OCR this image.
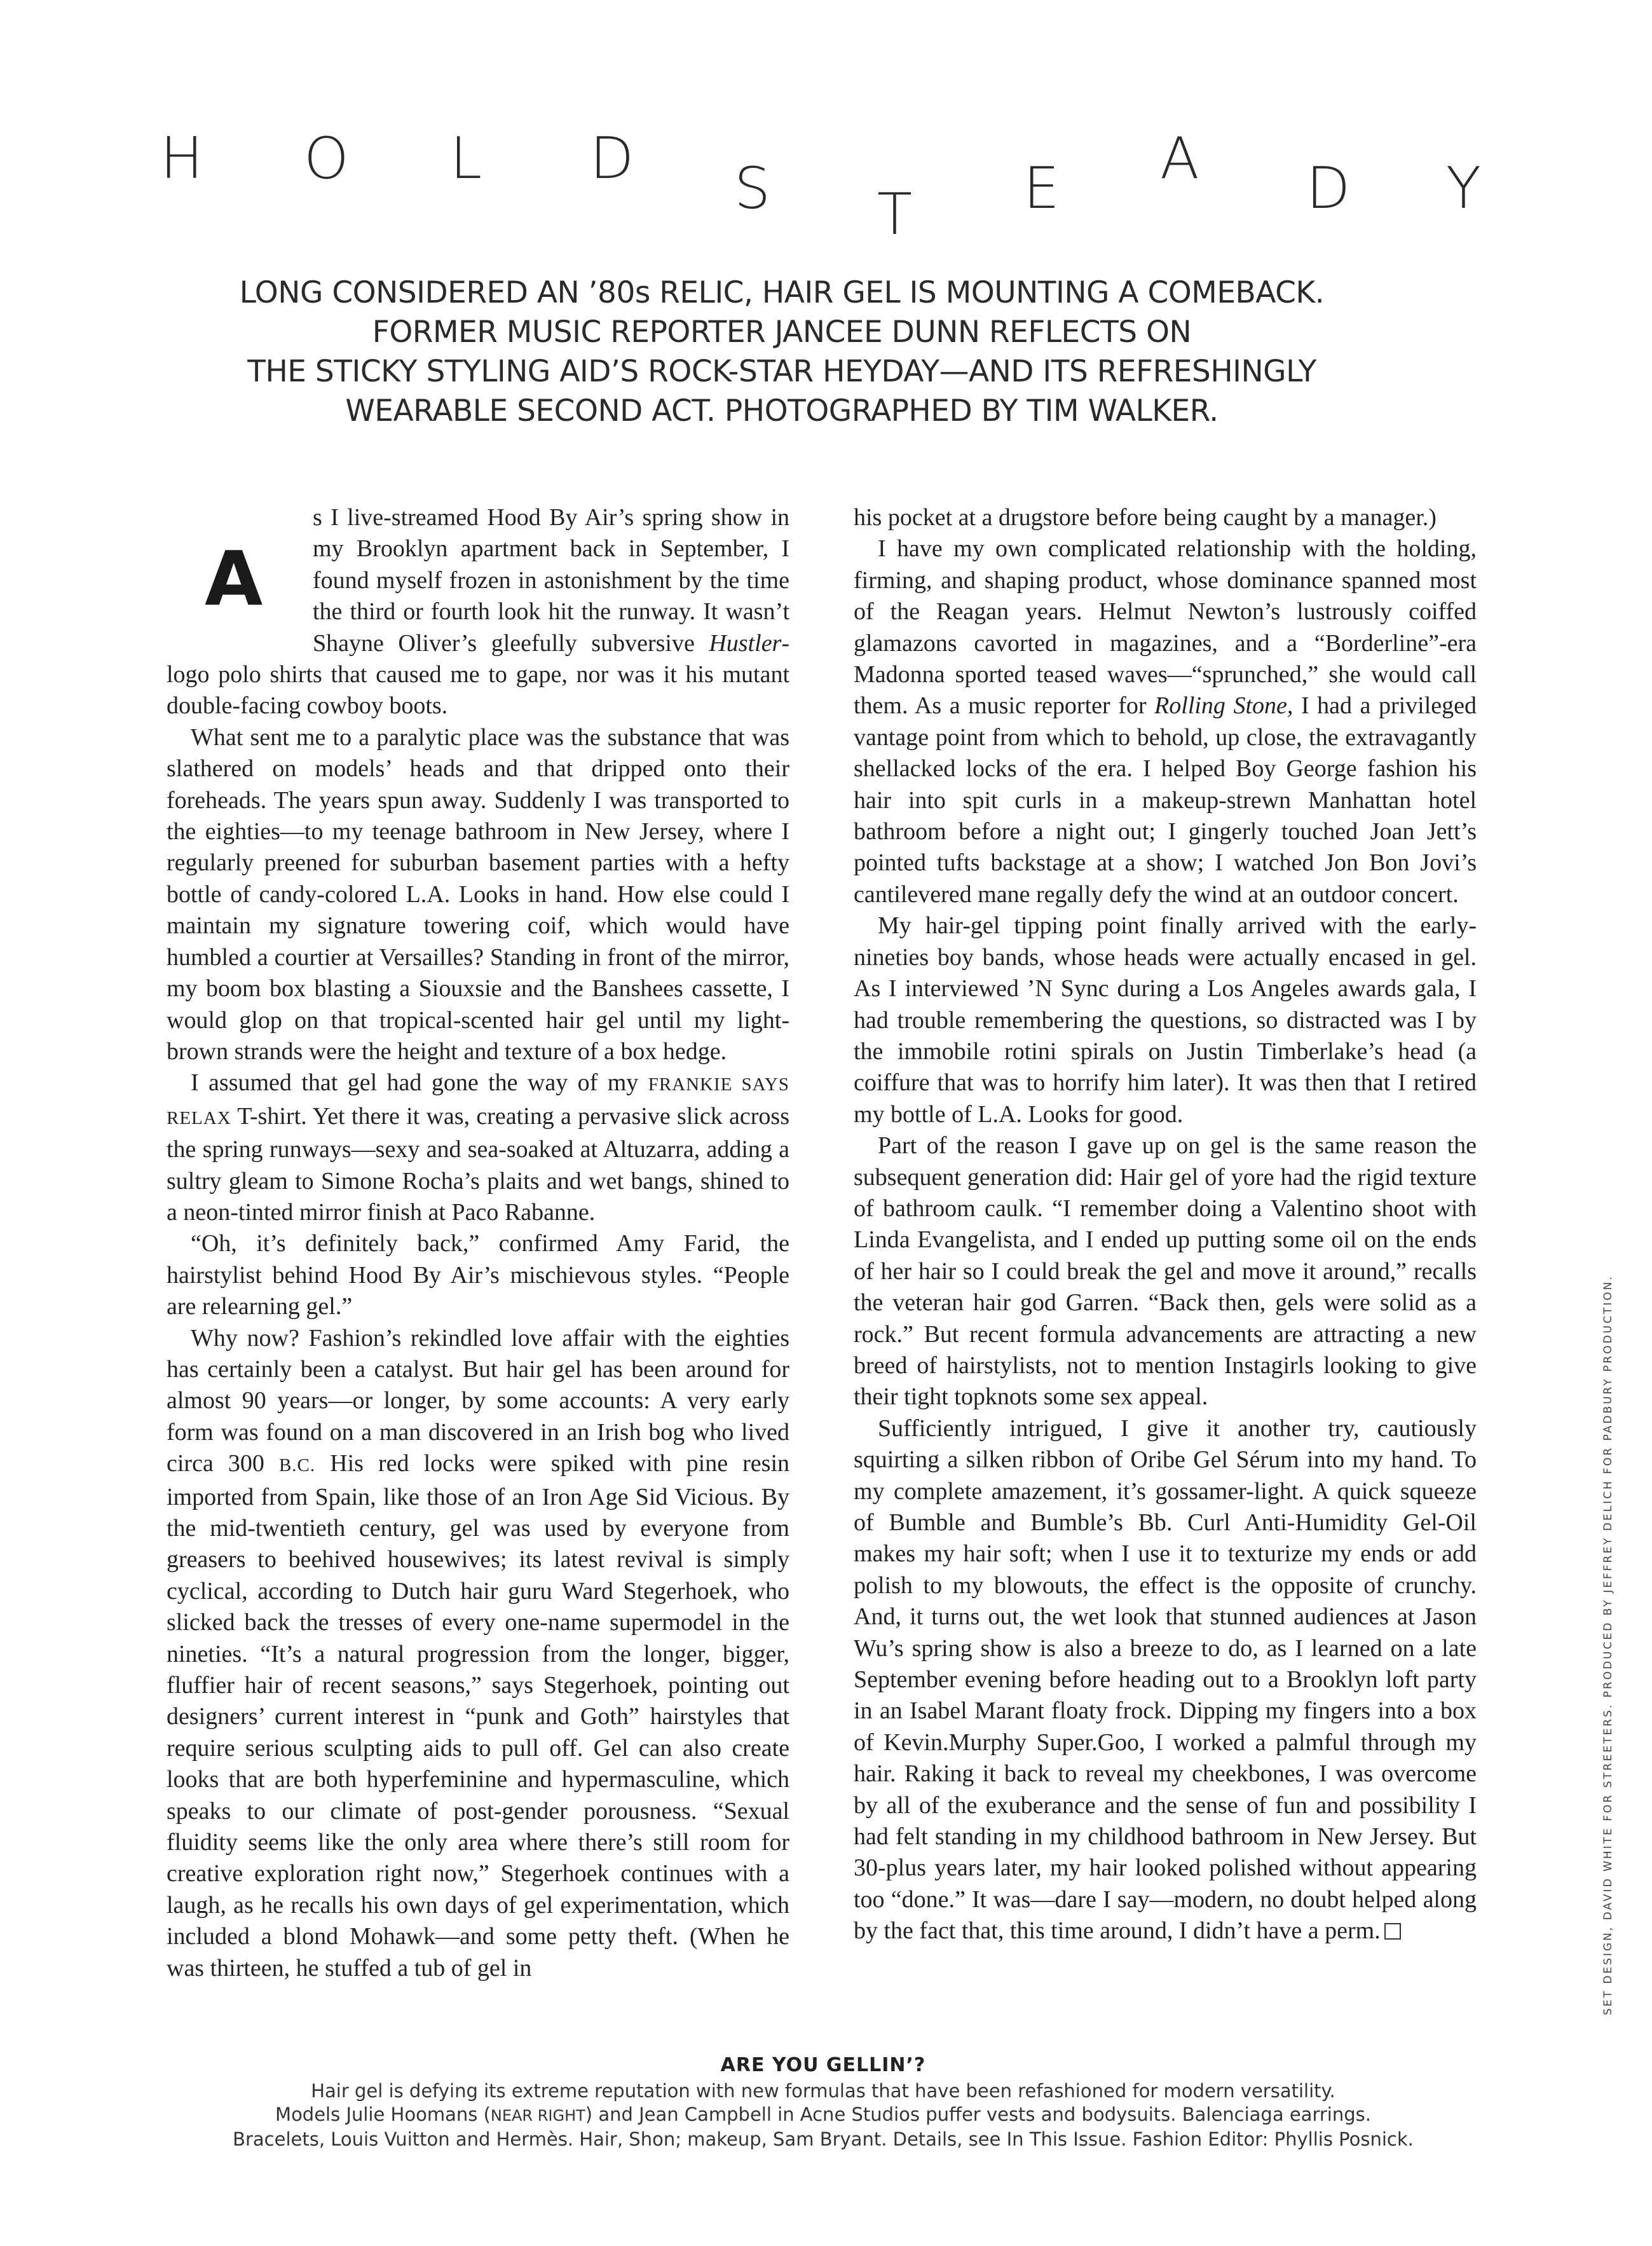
H O L D S T E A D Y
LONG CONSIDERED AN ’80s RELIC, HAIR GEL IS MOUNTING A COMEBACK.
FORMER MUSIC REPORTER JANCEE DUNN REFLECTS ON
THE STICKY STYLING AID’S ROCK-STAR HEYDAY—AND ITS REFRESHINGLY
WEARABLE SECOND ACT. PHOTOGRAPHED BY TIM WALKER.
A

s I live-streamed Hood By Air’s spring show in my Brooklyn apartment back in September, I found myself frozen in astonishment by the time the third or fourth look hit the runway. It wasn’t Shayne Oliver’s gleefully subversive Hustler-logo polo shirts that caused me to gape, nor was it his mutant double-facing cowboy boots.

What sent me to a paralytic place was the substance that was slathered on models’ heads and that dripped onto their foreheads. The years spun away. Suddenly I was transported to the eighties—to my teenage bathroom in New Jersey, where I regularly preened for suburban basement parties with a hefty bottle of candy-colored L.A. Looks in hand. How else could I maintain my signature towering coif, which would have humbled a courtier at Versailles? Standing in front of the mirror, my boom box blasting a Siouxsie and the Banshees cassette, I would glop on that tropical-scented hair gel until my light-brown strands were the height and texture of a box hedge.

I assumed that gel had gone the way of my FRANKIE SAYS RELAX T-shirt. Yet there it was, creating a pervasive slick across the spring runways—sexy and sea-soaked at Altuzarra, adding a sultry gleam to Simone Rocha’s plaits and wet bangs, shined to a neon-tinted mirror finish at Paco Rabanne.

“Oh, it’s definitely back,” confirmed Amy Farid, the hairstylist behind Hood By Air’s mischievous styles. “People are relearning gel.”

Why now? Fashion’s rekindled love affair with the eighties has certainly been a catalyst. But hair gel has been around for almost 90 years—or longer, by some accounts: A very early form was found on a man discovered in an Irish bog who lived circa 300 B.C. His red locks were spiked with pine resin imported from Spain, like those of an Iron Age Sid Vicious. By the mid-twentieth century, gel was used by everyone from greasers to beehived housewives; its latest revival is simply cyclical, according to Dutch hair guru Ward Stegerhoek, who slicked back the tresses of every one-name supermodel in the nineties. “It’s a natural progression from the longer, bigger, fluffier hair of recent seasons,” says Stegerhoek, pointing out designers’ current interest in “punk and Goth” hairstyles that require serious sculpting aids to pull off. Gel can also create looks that are both hyperfeminine and hypermasculine, which speaks to our climate of post-gender porousness. “Sexual fluidity seems like the only area where there’s still room for creative exploration right now,” Stegerhoek continues with a laugh, as he recalls his own days of gel experimentation, which included a blond Mohawk—and some petty theft. (When he was thirteen, he stuffed a tub of gel in

his pocket at a drugstore before being caught by a manager.)

I have my own complicated relationship with the holding, firming, and shaping product, whose dominance spanned most of the Reagan years. Helmut Newton’s lustrously coiffed glamazons cavorted in magazines, and a “Borderline”-era Madonna sported teased waves—“sprunched,” she would call them. As a music reporter for Rolling Stone, I had a privileged vantage point from which to behold, up close, the extravagantly shellacked locks of the era. I helped Boy George fashion his hair into spit curls in a makeup-strewn Manhattan hotel bathroom before a night out; I gingerly touched Joan Jett’s pointed tufts backstage at a show; I watched Jon Bon Jovi’s cantilevered mane regally defy the wind at an outdoor concert.

My hair-gel tipping point finally arrived with the early-nineties boy bands, whose heads were actually encased in gel. As I interviewed ’N Sync during a Los Angeles awards gala, I had trouble remembering the questions, so distracted was I by the immobile rotini spirals on Justin Timberlake’s head (a coiffure that was to horrify him later). It was then that I retired my bottle of L.A. Looks for good.

Part of the reason I gave up on gel is the same reason the subsequent generation did: Hair gel of yore had the rigid texture of bathroom caulk. “I remember doing a Valentino shoot with Linda Evangelista, and I ended up putting some oil on the ends of her hair so I could break the gel and move it around,” recalls the veteran hair god Garren. “Back then, gels were solid as a rock.” But recent formula advancements are attracting a new breed of hairstylists, not to mention Instagirls looking to give their tight topknots some sex appeal.

Sufficiently intrigued, I give it another try, cautiously squirting a silken ribbon of Oribe Gel Sérum into my hand. To my complete amazement, it’s gossamer-light. A quick squeeze of Bumble and Bumble’s Bb. Curl Anti-Humidity Gel-Oil makes my hair soft; when I use it to texturize my ends or add polish to my blowouts, the effect is the opposite of crunchy. And, it turns out, the wet look that stunned audiences at Jason Wu’s spring show is also a breeze to do, as I learned on a late September evening before heading out to a Brooklyn loft party in an Isabel Marant floaty frock. Dipping my fingers into a box of Kevin.Murphy Super.Goo, I worked a palmful through my hair. Raking it back to reveal my cheekbones, I was overcome by all of the exuberance and the sense of fun and possibility I had felt standing in my childhood bathroom in New Jersey. But 30-plus years later, my hair looked polished without appearing too “done.” It was—dare I say—modern, no doubt helped along by the fact that, this time around, I didn’t have a perm.	SET DESIGN, DAVID WHITE FOR STREETERS. PRODUCED BY JEFFREY DELICH FOR PADBURY PRODUCTION.
ARE YOU GELLIN’?
Hair gel is defying its extreme reputation with new formulas that have been refashioned for modern versatility.
Models Julie Hoomans (NEAR RIGHT) and Jean Campbell in Acne Studios puffer vests and bodysuits. Balenciaga earrings.
Bracelets, Louis Vuitton and Hermès. Hair, Shon; makeup, Sam Bryant. Details, see In This Issue. Fashion Editor: Phyllis Posnick.
